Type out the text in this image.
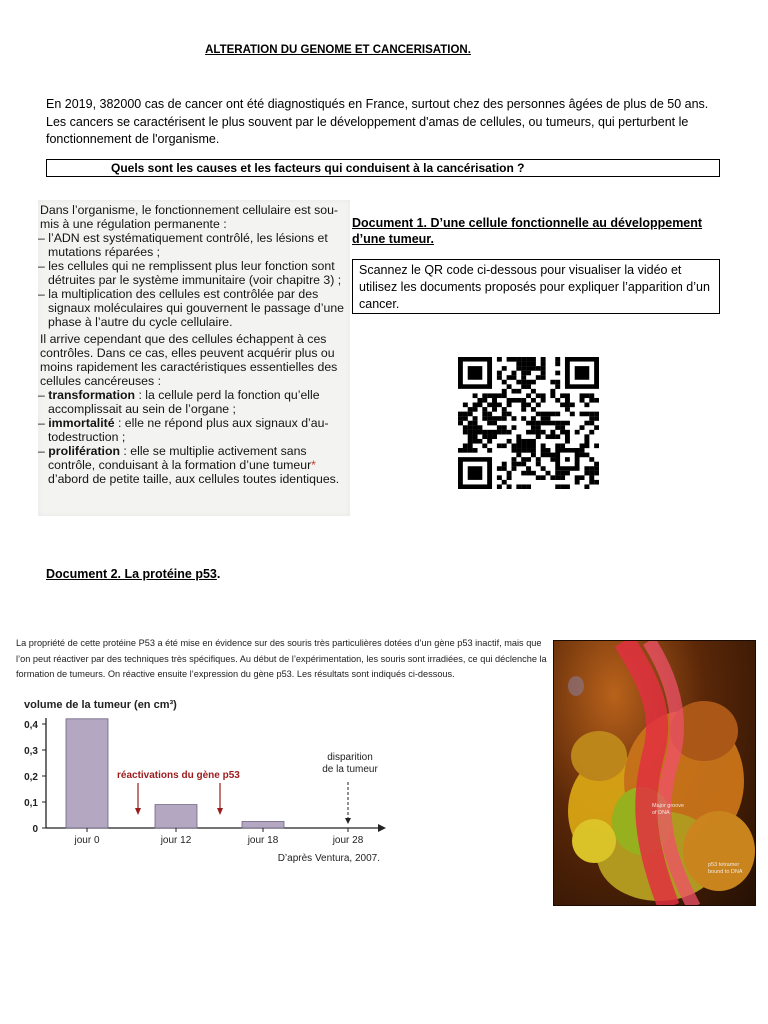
ALTERATION DU GENOME ET CANCERISATION.
En 2019, 382000 cas de cancer ont été diagnostiqués en France, surtout chez des personnes âgées de plus de 50 ans.
Les cancers se caractérisent le plus souvent par le développement d'amas de cellules, ou tumeurs, qui perturbent le
fonctionnement de l'organisme.
Quels sont les causes et les facteurs qui conduisent à la cancérisation ?

Dans l’organisme, le fonctionnement cellulaire est sou-mis à une régulation permanente :

– l’ADN est systématiquement contrôlé, les lésions et mutations réparées ;
– les cellules qui ne remplissent plus leur fonction sont détruites par le système immunitaire (voir chapitre 3) ;
– la multiplication des cellules est contrôlée par des signaux moléculaires qui gouvernent le passage d’une phase à l’autre du cycle cellulaire.

Il arrive cependant que des cellules échappent à ces contrôles. Dans ce cas, elles peuvent acquérir plus ou moins rapidement les caractéristiques essentielles des cellules cancéreuses :

– transformation : la cellule perd la fonction qu’elle accomplissait au sein de l’organe ;
– immortalité : elle ne répond plus aux signaux d’au-todestruction ;
– prolifération : elle se multiplie activement sans contrôle, conduisant à la formation d’une tumeur* d’abord de petite taille, aux cellules toutes identiques.
Document 1. D’une cellule fonctionnelle au développement d’une tumeur.
Scannez le QR code ci-dessous pour visualiser la vidéo et utilisez les documents proposés pour expliquer l’apparition d’un cancer.
Document 2. La protéine p53.
La propriété de cette protéine P53 a été mise en évidence sur des souris très particulières dotées d’un gène p53 inactif, mais que l’on peut réactiver par des techniques très spécifiques. Au début de l’expérimentation, les souris sont irradiées, ce qui déclenche la formation de tumeurs. On réactive ensuite l’expression du gène p53. Les résultats sont indiqués ci-dessous.
volume de la tumeur (en cm³)
0
0,1
0,2
0,3
0,4
jour 0	jour 12	jour 18	jour 28
réactivations du gène p53
disparition
de la tumeur
D’après Ventura, 2007.
Major groove
of DNA
p53 tetramer
bound to DNA
